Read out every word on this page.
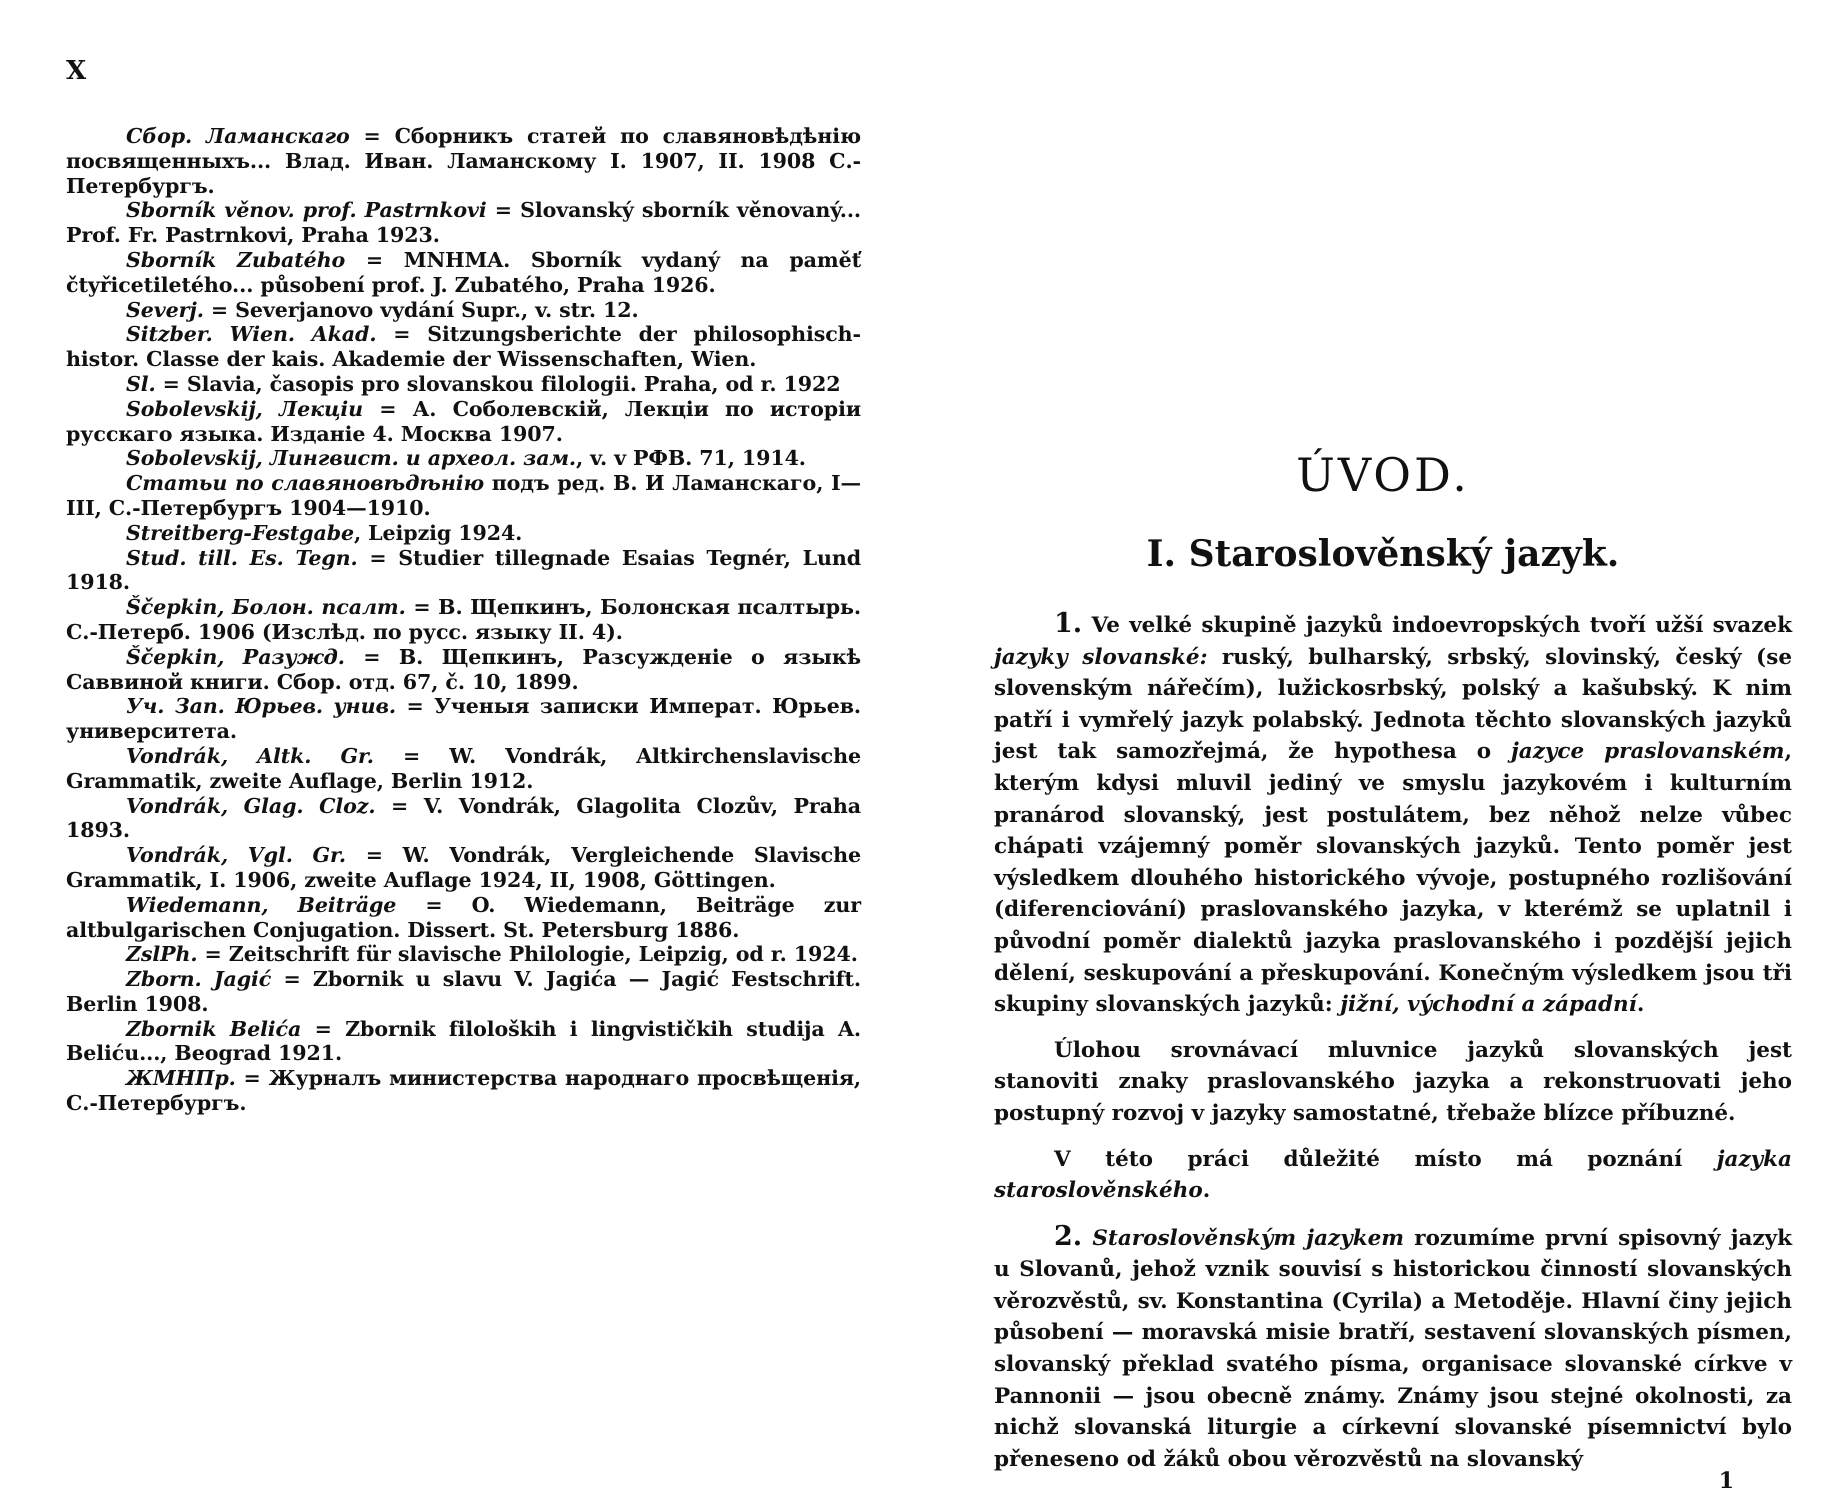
X
Сбор. Ламанскаго = Сборникъ статей по славяновѣдѣнію посвященныхъ... Влад. Иван. Ламанскому I. 1907, II. 1908 С.-Петербургъ.
Sborník věnov. prof. Pastrnkovi = Slovanský sborník věnovaný... Prof. Fr. Pastrnkovi, Praha 1923.
Sborník Zubatého = MNHMA. Sborník vydaný na paměť čtyřicetiletého... působení prof. J. Zubatého, Praha 1926.
Severj. = Severjanovo vydání Supr., v. str. 12.
Sitzber. Wien. Akad. = Sitzungsberichte der philosophisch-histor. Classe der kais. Akademie der Wissenschaften, Wien.
Sl. = Slavia, časopis pro slovanskou filologii. Praha, od r. 1922
Sobolevskij, Лекціи = А. Соболевскій, Лекціи по исторіи русскаго языка. Изданіе 4. Москва 1907.
Sobolevskij, Лингвист. и археол. зам., v. v РФВ. 71, 1914.
Статьи по славяновѣдѣнію подъ ред. В. И Ламанскаго, I—III, С.-Петербургъ 1904—1910.
Streitberg-Festgabe, Leipzig 1924.
Stud. till. Es. Tegn. = Studier tillegnade Esaias Tegnér, Lund 1918.
Ščepkin, Болон. псалт. = В. Щепкинъ, Болонская псалтырь. С.-Петерб. 1906 (Изслѣд. по русс. языку II. 4).
Ščepkin, Разужд. = В. Щепкинъ, Разсужденіе о языкѣ Саввиной книги. Сбор. отд. 67, č. 10, 1899.
Уч. Зап. Юрьев. унив. = Ученыя записки Императ. Юрьев. университета.
Vondrák, Altk. Gr. = W. Vondrák, Altkirchenslavische Grammatik, zweite Auflage, Berlin 1912.
Vondrák, Glag. Cloz. = V. Vondrák, Glagolita Clozův, Praha 1893.
Vondrák, Vgl. Gr. = W. Vondrák, Vergleichende Slavische Grammatik, I. 1906, zweite Auflage 1924, II, 1908, Göttingen.
Wiedemann, Beiträge = O. Wiedemann, Beiträge zur altbulgarischen Conjugation. Dissert. St. Petersburg 1886.
ZslPh. = Zeitschrift für slavische Philologie, Leipzig, od r. 1924.
Zborn. Jagić = Zbornik u slavu V. Jagića — Jagić Festschrift. Berlin 1908.
Zbornik Belića = Zbornik filoloških i lingvističkih studija A. Beliću..., Beograd 1921.
ЖМНПр. = Журналъ министерства народнаго просвѣщенія, С.-Петербургъ.
ÚVOD.
I. Staroslověnský jazyk.

1. Ve velké skupině jazyků indoevropských tvoří užší svazek jazyky slovanské: ruský, bulharský, srbský, slovinský, český (se slovenským nářečím), lužickosrbský, polský a kašubský. K nim patří i vymřelý jazyk polabský. Jednota těchto slovanských jazyků jest tak samozřejmá, že hypothesa o jazyce praslovanském, kterým kdysi mluvil jediný ve smyslu jazykovém i kulturním pranárod slovanský, jest postulátem, bez něhož nelze vůbec chápati vzájemný poměr slovanských jazyků. Tento poměr jest výsledkem dlouhého historického vývoje, postupného rozlišování (diferenciování) praslovanského jazyka, v kterémž se uplatnil i původní poměr dialektů jazyka praslovanského i pozdější jejich dělení, seskupování a přeskupování. Konečným výsledkem jsou tři skupiny slovanských jazyků: jižní, východní a západní.

Úlohou srovnávací mluvnice jazyků slovanských jest stanoviti znaky praslovanského jazyka a rekonstruovati jeho postupný rozvoj v jazyky samostatné, třebaže blízce příbuzné.

V této práci důležité místo má poznání jazyka staroslověnského.

2. Staroslověnským jazykem rozumíme první spisovný jazyk u Slovanů, jehož vznik souvisí s historickou činností slovanských věrozvěstů, sv. Konstantina (Cyrila) a Metoděje. Hlavní činy jejich působení — moravská misie bratří, sestavení slovanských písmen, slovanský překlad svatého písma, organisace slovanské církve v Pannonii — jsou obecně známy. Známy jsou stejné okolnosti, za nichž slovanská liturgie a církevní slovanské písemnictví bylo přeneseno od žáků obou věrozvěstů na slovanský

1
